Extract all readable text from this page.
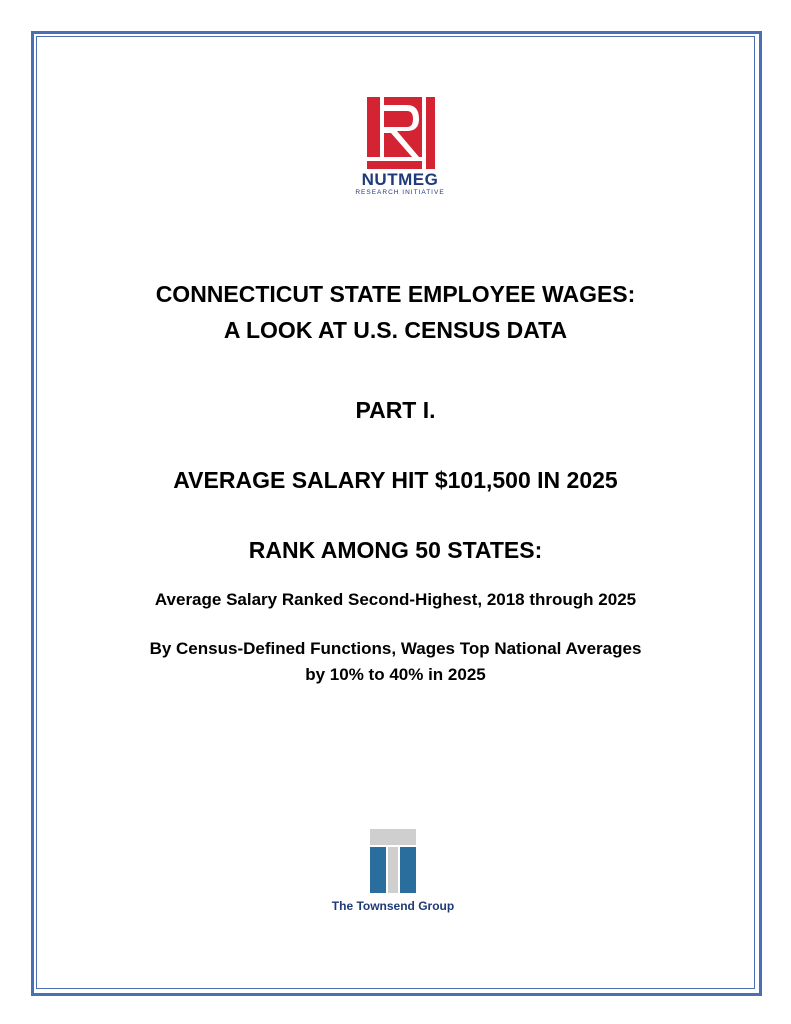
NUTMEG
RESEARCH INITIATIVE
CONNECTICUT STATE EMPLOYEE WAGES:
A LOOK AT U.S. CENSUS DATA
PART I.
AVERAGE SALARY HIT $101,500 IN 2025
RANK AMONG 50 STATES:
Average Salary Ranked Second-Highest, 2018 through 2025
By Census-Defined Functions, Wages Top National Averages
by 10% to 40% in 2025
The Townsend Group
